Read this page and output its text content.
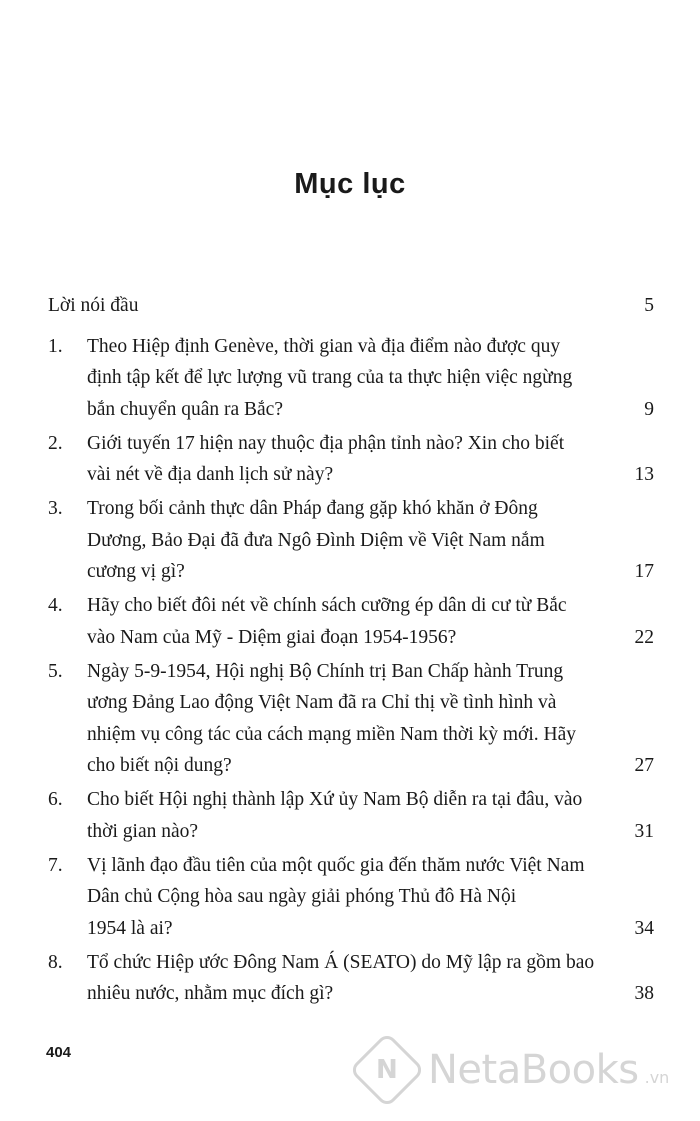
Mục lục
Lời nói đầu	5
1. Theo Hiệp định Genève, thời gian và địa điểm nào được quy
định tập kết để lực lượng vũ trang của ta thực hiện việc ngừng
bắn chuyển quân ra Bắc?	9
2. Giới tuyến 17 hiện nay thuộc địa phận tỉnh nào? Xin cho biết
vài nét về địa danh lịch sử này?	13
3. Trong bối cảnh thực dân Pháp đang gặp khó khăn ở Đông
Dương, Bảo Đại đã đưa Ngô Đình Diệm về Việt Nam nắm
cương vị gì?	17
4. Hãy cho biết đôi nét về chính sách cưỡng ép dân di cư từ Bắc
vào Nam của Mỹ - Diệm giai đoạn 1954-1956?	22
5. Ngày 5-9-1954, Hội nghị Bộ Chính trị Ban Chấp hành Trung
ương Đảng Lao động Việt Nam đã ra Chỉ thị về tình hình và
nhiệm vụ công tác của cách mạng miền Nam thời kỳ mới. Hãy
cho biết nội dung?	27
6. Cho biết Hội nghị thành lập Xứ ủy Nam Bộ diễn ra tại đâu, vào
thời gian nào?	31
7. Vị lãnh đạo đầu tiên của một quốc gia đến thăm nước Việt Nam
Dân chủ Cộng hòa sau ngày giải phóng Thủ đô Hà Nội
1954 là ai?	34
8. Tổ chức Hiệp ước Đông Nam Á (SEATO) do Mỹ lập ra gồm bao
nhiêu nước, nhằm mục đích gì?	38
404
N NetaBooks .vn
